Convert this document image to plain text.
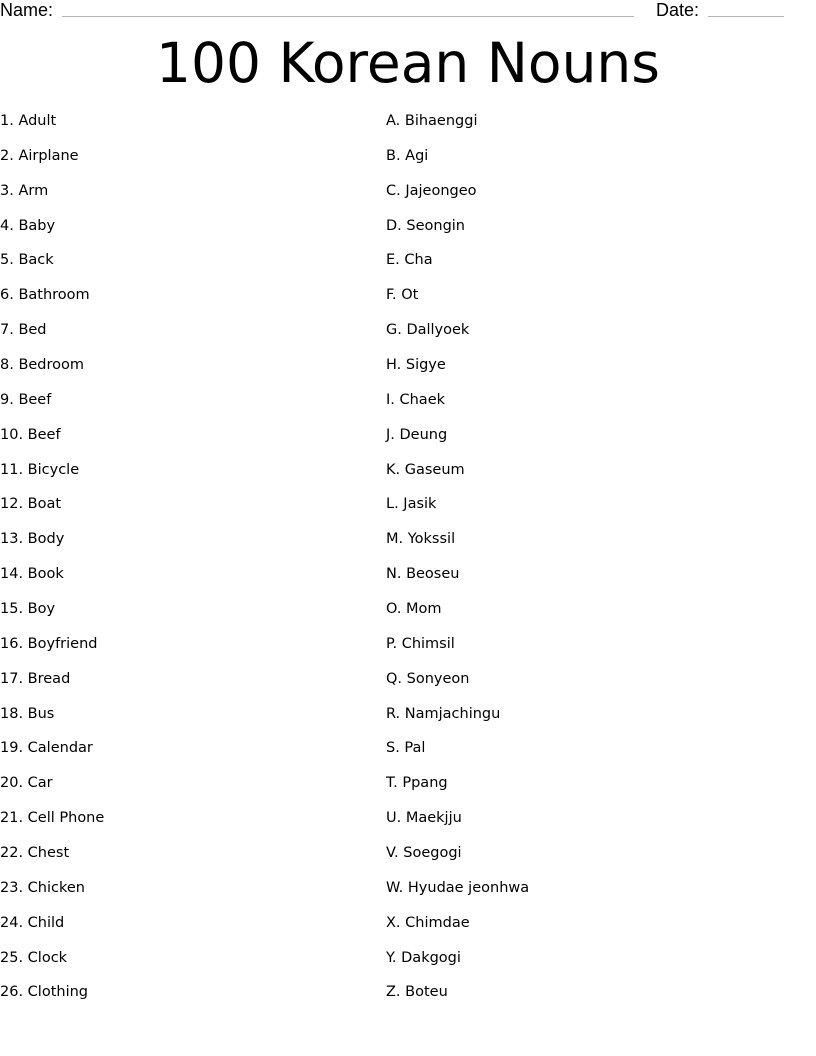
Name:	Date:
100 Korean Nouns
1. Adult
2. Airplane
3. Arm
4. Baby
5. Back
6. Bathroom
7. Bed
8. Bedroom
9. Beef
10. Beef
11. Bicycle
12. Boat
13. Body
14. Book
15. Boy
16. Boyfriend
17. Bread
18. Bus
19. Calendar
20. Car
21. Cell Phone
22. Chest
23. Chicken
24. Child
25. Clock
26. Clothing
A. Bihaenggi
B. Agi
C. Jajeongeo
D. Seongin
E. Cha
F. Ot
G. Dallyoek
H. Sigye
I. Chaek
J. Deung
K. Gaseum
L. Jasik
M. Yokssil
N. Beoseu
O. Mom
P. Chimsil
Q. Sonyeon
R. Namjachingu
S. Pal
T. Ppang
U. Maekjju
V. Soegogi
W. Hyudae jeonhwa
X. Chimdae
Y. Dakgogi
Z. Boteu
